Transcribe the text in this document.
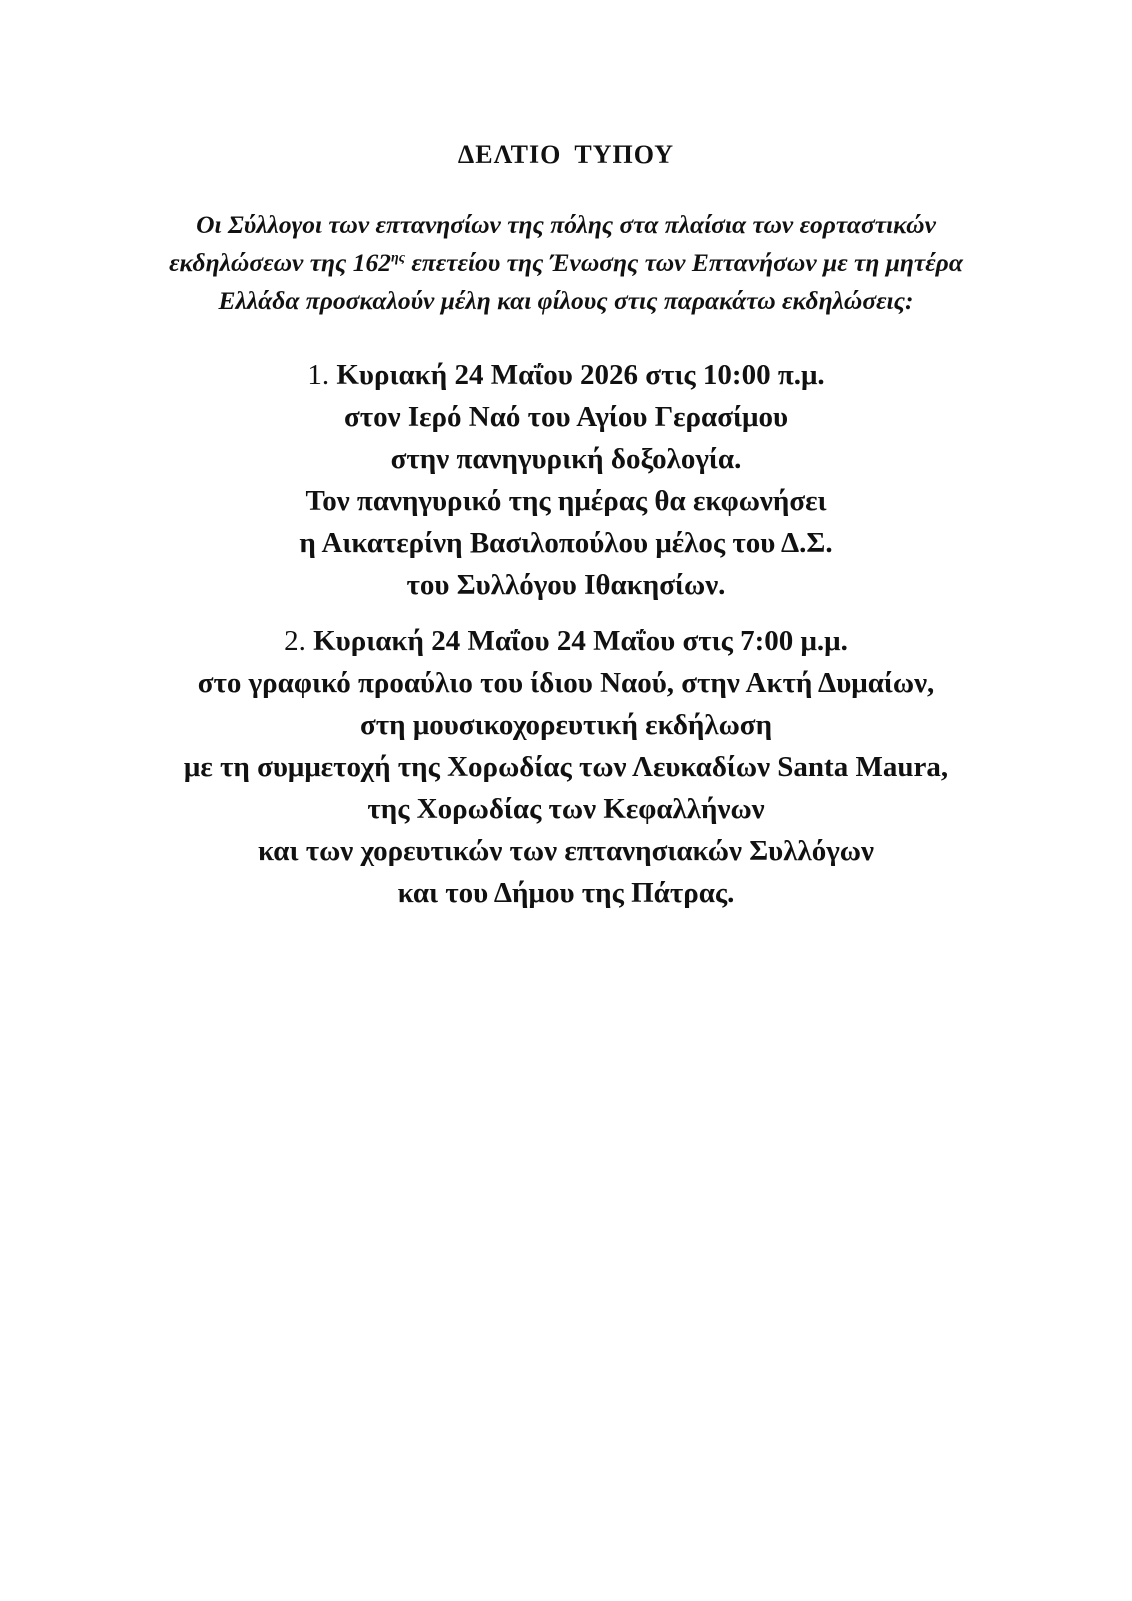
ΔΕΛΤΙΟ ΤΥΠΟΥ
Οι Σύλλογοι των επτανησίων της πόλης στα πλαίσια των εορταστικών
εκδηλώσεων της $162^{\eta\varsigma}$ επετείου της Ένωσης των Επτανήσων με τη μητέρα
Ελλάδα προσκαλούν μέλη και φίλους στις παρακάτω εκδηλώσεις:
1. Κυριακή 24 Μαΐου 2026 στις 10:00 π.μ.
στον Ιερό Ναό του Αγίου Γερασίμου
στην πανηγυρική δοξολογία.
Τον πανηγυρικό της ημέρας θα εκφωνήσει
η Αικατερίνη Βασιλοπούλου μέλος του Δ.Σ.
του Συλλόγου Ιθακησίων.
2. Κυριακή 24 Μαΐου 24 Μαΐου στις 7:00 μ.μ.
στο γραφικό προαύλιο του ίδιου Ναού, στην Ακτή Δυμαίων,
στη μουσικοχορευτική εκδήλωση
με τη συμμετοχή της Χορωδίας των Λευκαδίων Santa Maura,
της Χορωδίας των Κεφαλλήνων
και των χορευτικών των επτανησιακών Συλλόγων
και του Δήμου της Πάτρας.
